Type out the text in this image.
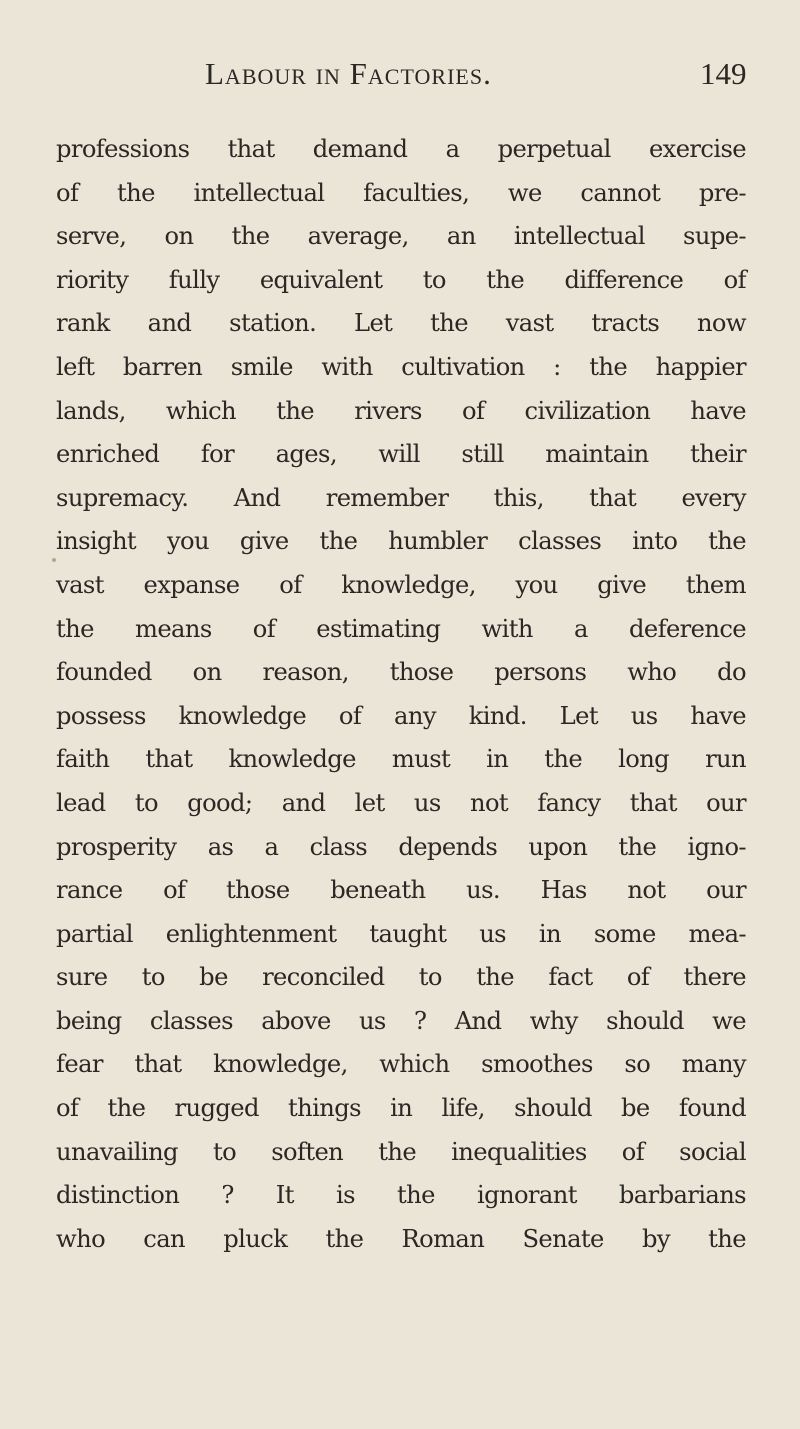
Labour in Factories.	149
professions that demand a perpetual exercise
of the intellectual faculties, we cannot pre-
serve, on the average, an intellectual supe-
riority fully equivalent to the difference of
rank and station. Let the vast tracts now
left barren smile with cultivation : the happier
lands, which the rivers of civilization have
enriched for ages, will still maintain their
supremacy. And remember this, that every
insight you give the humbler classes into the
vast expanse of knowledge, you give them
the means of estimating with a deference
founded on reason, those persons who do
possess knowledge of any kind. Let us have
faith that knowledge must in the long run
lead to good; and let us not fancy that our
prosperity as a class depends upon the igno-
rance of those beneath us. Has not our
partial enlightenment taught us in some mea-
sure to be reconciled to the fact of there
being classes above us ? And why should we
fear that knowledge, which smoothes so many
of the rugged things in life, should be found
unavailing to soften the inequalities of social
distinction ? It is the ignorant barbarians
who can pluck the Roman Senate by the
